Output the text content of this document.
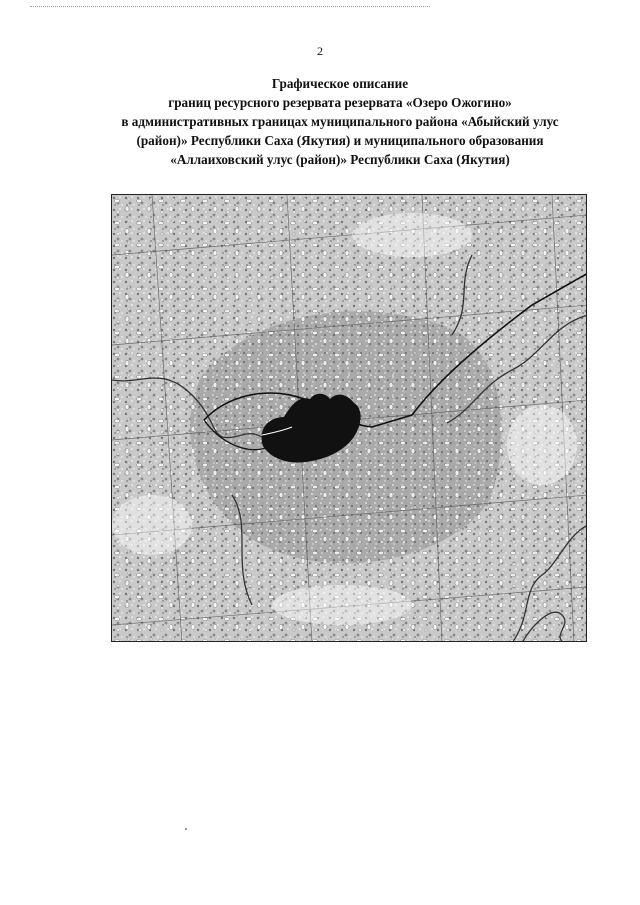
2
Графическое описание
границ ресурсного резервата резервата «Озеро Ожогино»
в административных границах муниципального района «Абыйский улус
(район)» Республики Саха (Якутия) и муниципального образования
«Аллаиховский улус (район)» Республики Саха (Якутия)
